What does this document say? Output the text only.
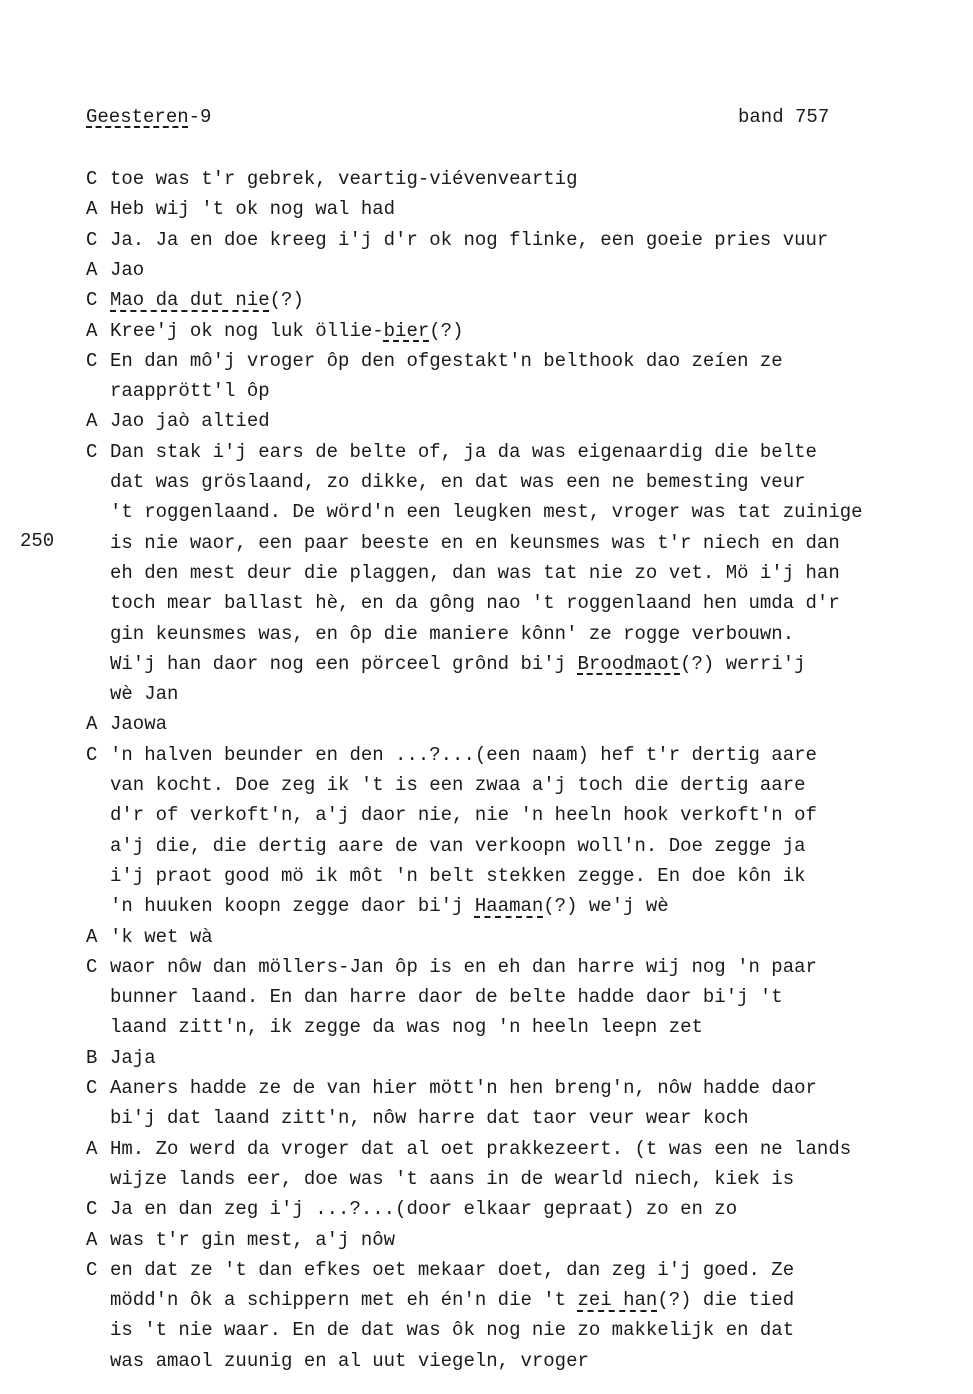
Geesteren-9	band 757
250
C toe was t'r gebrek, veartig-viévenveartig
A Heb wij 't ok nog wal had
C Ja. Ja en doe kreeg i'j d'r ok nog flinke, een goeie pries vuur
A Jao
C Mao da dut nie(?)
A Kree'j ok nog luk öllie-bier(?)
C En dan mô'j vroger ôp den ofgestakt'n belthook dao zeíen ze
raapprött'l ôp
A Jao jaò altied
C Dan stak i'j ears de belte of, ja da was eigenaardig die belte
dat was gröslaand, zo dikke, en dat was een ne bemesting veur
't roggenlaand. De wörd'n een leugken mest, vroger was tat zuinige
is nie waor, een paar beeste en en keunsmes was t'r niech en dan
eh den mest deur die plaggen, dan was tat nie zo vet. Mö i'j han
toch mear ballast hè, en da gông nao 't roggenlaand hen umda d'r
gin keunsmes was, en ôp die maniere kônn' ze rogge verbouwn.
Wi'j han daor nog een pörceel grônd bi'j Broodmaot(?) werri'j
wè Jan
A Jaowa
C 'n halven beunder en den ...?...(een naam) hef t'r dertig aare
van kocht. Doe zeg ik 't is een zwaa a'j toch die dertig aare
d'r of verkoft'n, a'j daor nie, nie 'n heeln hook verkoft'n of
a'j die, die dertig aare de van verkoopn woll'n. Doe zegge ja
i'j praot good mö ik môt 'n belt stekken zegge. En doe kôn ik
'n huuken koopn zegge daor bi'j Haaman(?) we'j wè
A 'k wet wà
C waor nôw dan möllers-Jan ôp is en eh dan harre wij nog 'n paar
bunner laand. En dan harre daor de belte hadde daor bi'j 't
laand zitt'n, ik zegge da was nog 'n heeln leepn zet
B Jaja
C Aaners hadde ze de van hier mött'n hen breng'n, nôw hadde daor
bi'j dat laand zitt'n, nôw harre dat taor veur wear koch
A Hm. Zo werd da vroger dat al oet prakkezeert. (t was een ne lands
wijze lands eer, doe was 't aans in de wearld niech, kiek is
C Ja en dan zeg i'j ...?...(door elkaar gepraat) zo en zo
A was t'r gin mest, a'j nôw
C en dat ze 't dan efkes oet mekaar doet, dan zeg i'j goed. Ze
mödd'n ôk a schippern met eh én'n die 't zei han(?) die tied
is 't nie waar. En de dat was ôk nog nie zo makkelijk en dat
was amaol zuunig en al uut viegeln, vroger
